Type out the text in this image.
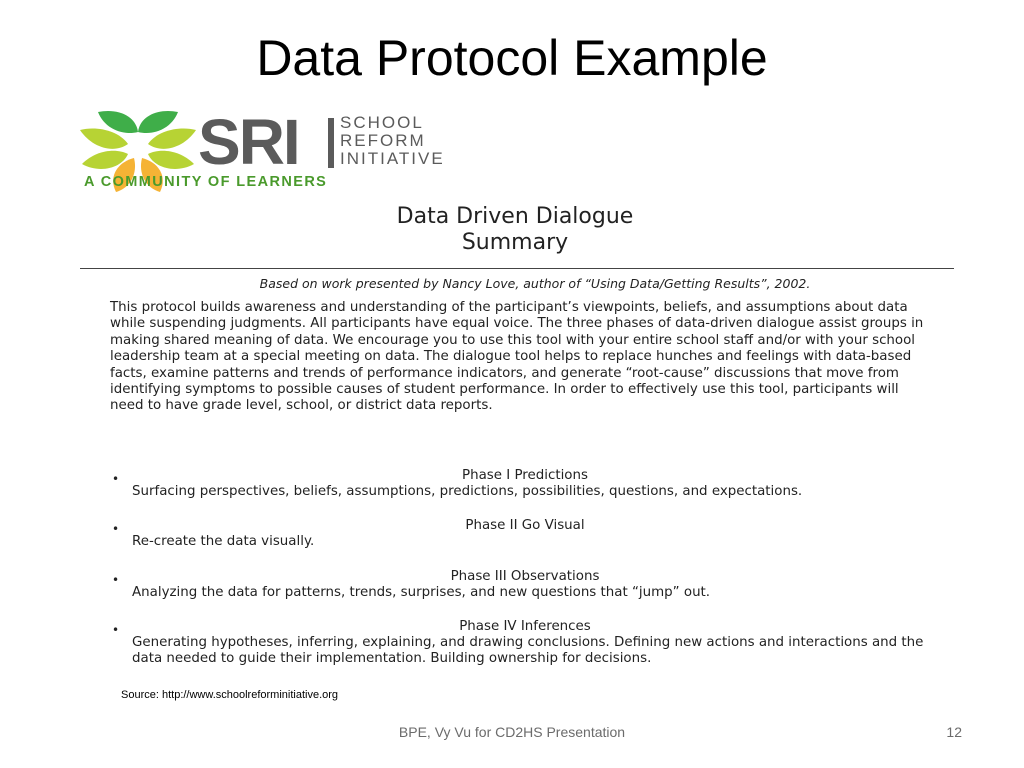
Data Protocol Example
SRI SCHOOL
REFORM
INITIATIVE
A COMMUNITY OF LEARNERS
Data Driven Dialogue
Summary
Based on work presented by Nancy Love, author of “Using Data/Getting Results”, 2002.
This protocol builds awareness and understanding of the participant’s viewpoints, beliefs, and assumptions about data while suspending judgments. All participants have equal voice. The three phases of data-driven dialogue assist groups in making shared meaning of data. We encourage you to use this tool with your entire school staff and/or with your school leadership team at a special meeting on data. The dialogue tool helps to replace hunches and feelings with data-based facts, examine patterns and trends of performance indicators, and generate “root-cause” discussions that move from identifying symptoms to possible causes of student performance. In order to effectively use this tool, participants will need to have grade level, school, or district data reports.
•	Phase I Predictions
Surfacing perspectives, beliefs, assumptions, predictions, possibilities, questions, and expectations.
•	Phase II Go Visual
Re-create the data visually.
•	Phase III Observations
Analyzing the data for patterns, trends, surprises, and new questions that “jump” out.
•	Phase IV Inferences
Generating hypotheses, inferring, explaining, and drawing conclusions. Defining new actions and interactions and the data needed to guide their implementation. Building ownership for decisions.
Source: http://www.schoolreforminitiative.org
BPE, Vy Vu for CD2HS Presentation	12
